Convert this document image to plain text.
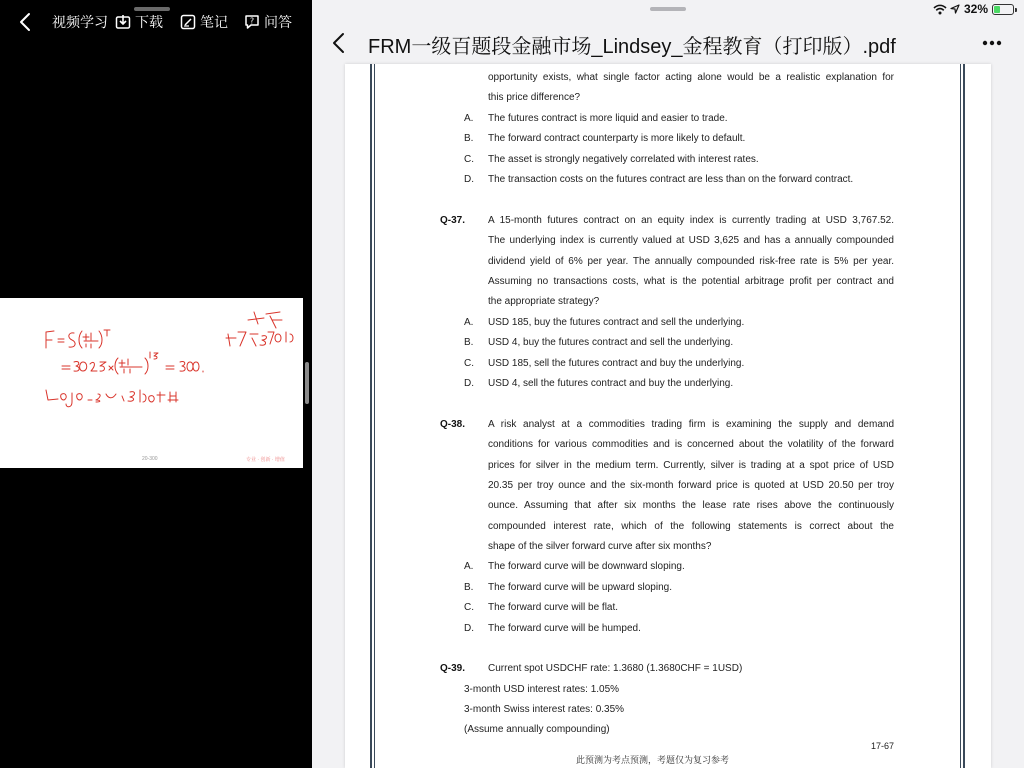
视频学习 下载	笔记	? 问答
20-300	专业 · 创新 · 增值
32%
FRM一级百题段金融市场_Lindsey_金程教育（打印版）.pdf
opportunity exists, what single factor acting alone would be a realistic explanation for
this price difference?
A. The futures contract is more liquid and easier to trade.
B. The forward contract counterparty is more likely to default.
C. The asset is strongly negatively correlated with interest rates.
D. The transaction costs on the futures contract are less than on the forward contract.
Q-37. A 15-month futures contract on an equity index is currently trading at USD 3,767.52.
The underlying index is currently valued at USD 3,625 and has a annually compounded
dividend yield of 6% per year. The annually compounded risk-free rate is 5% per year.
Assuming no transactions costs, what is the potential arbitrage profit per contract and
the appropriate strategy?
A. USD 185, buy the futures contract and sell the underlying.
B. USD 4, buy the futures contract and sell the underlying.
C. USD 185, sell the futures contract and buy the underlying.
D. USD 4, sell the futures contract and buy the underlying.
Q-38. A risk analyst at a commodities trading firm is examining the supply and demand
conditions for various commodities and is concerned about the volatility of the forward
prices for silver in the medium term. Currently, silver is trading at a spot price of USD
20.35 per troy ounce and the six-month forward price is quoted at USD 20.50 per troy
ounce. Assuming that after six months the lease rate rises above the continuously
compounded interest rate, which of the following statements is correct about the
shape of the silver forward curve after six months?
A. The forward curve will be downward sloping.
B. The forward curve will be upward sloping.
C. The forward curve will be flat.
D. The forward curve will be humped.
Q-39. Current spot USDCHF rate: 1.3680 (1.3680CHF = 1USD)
3-month USD interest rates: 1.05%
3-month Swiss interest rates: 0.35%
(Assume annually compounding)
17-67
此预测为考点预测，考题仅为复习参考
